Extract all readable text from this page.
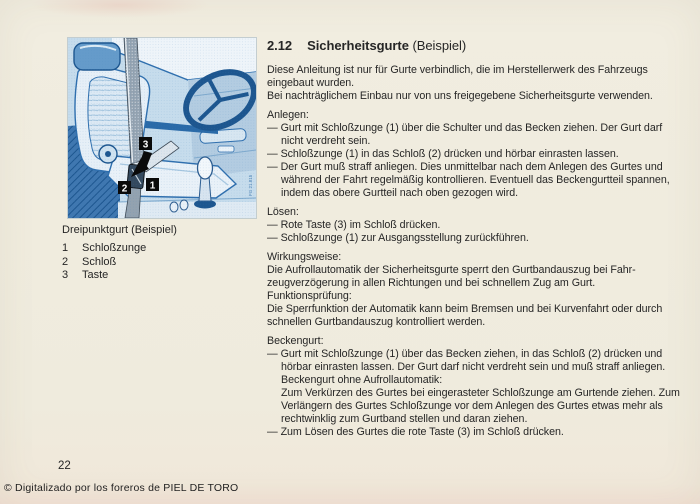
3
1
2	FG 21.815
Dreipunktgurt (Beispiel)
1	Schloßzunge
2	Schloß
3	Taste
2.12 Sicherheitsgurte (Beispiel)
Diese Anleitung ist nur für Gurte verbindlich, die im Herstellerwerk des Fahrzeugs eingebaut wurden.
Bei nachträglichem Einbau nur von uns freigegebene Sicherheitsgurte verwenden.
Anlegen:
— Gurt mit Schloßzunge (1) über die Schulter und das Becken ziehen. Der Gurt darf nicht verdreht sein.
— Schloßzunge (1) in das Schloß (2) drücken und hörbar einrasten lassen.
— Der Gurt muß straff anliegen. Dies unmittelbar nach dem Anlegen des Gurtes und während der Fahrt regelmäßig kontrollieren. Eventuell das Beckengurtteil spannen, indem das obere Gurtteil nach oben gezogen wird.
Lösen:
— Rote Taste (3) im Schloß drücken.
— Schloßzunge (1) zur Ausgangsstellung zurückführen.
Wirkungsweise:
Die Aufrollautomatik der Sicherheitsgurte sperrt den Gurtbandauszug bei Fahrzeugverzögerung in allen Richtungen und bei schnellem Zug am Gurt.
Funktionsprüfung:
Die Sperrfunktion der Automatik kann beim Bremsen und bei Kurvenfahrt oder durch schnellen Gurtbandauszug kontrolliert werden.
Beckengurt:
— Gurt mit Schloßzunge (1) über das Becken ziehen, in das Schloß (2) drücken und hörbar einrasten lassen. Der Gurt darf nicht verdreht sein und muß straff anliegen.
Beckengurt ohne Aufrollautomatik:
Zum Verkürzen des Gurtes bei eingerasteter Schloßzunge am Gurtende ziehen. Zum Verlängern des Gurtes Schloßzunge vor dem Anlegen des Gurtes etwas mehr als rechtwinklig zum Gurtband stellen und daran ziehen.
— Zum Lösen des Gurtes die rote Taste (3) im Schloß drücken.
22
© Digitalizado por los foreros de PIEL DE TORO
